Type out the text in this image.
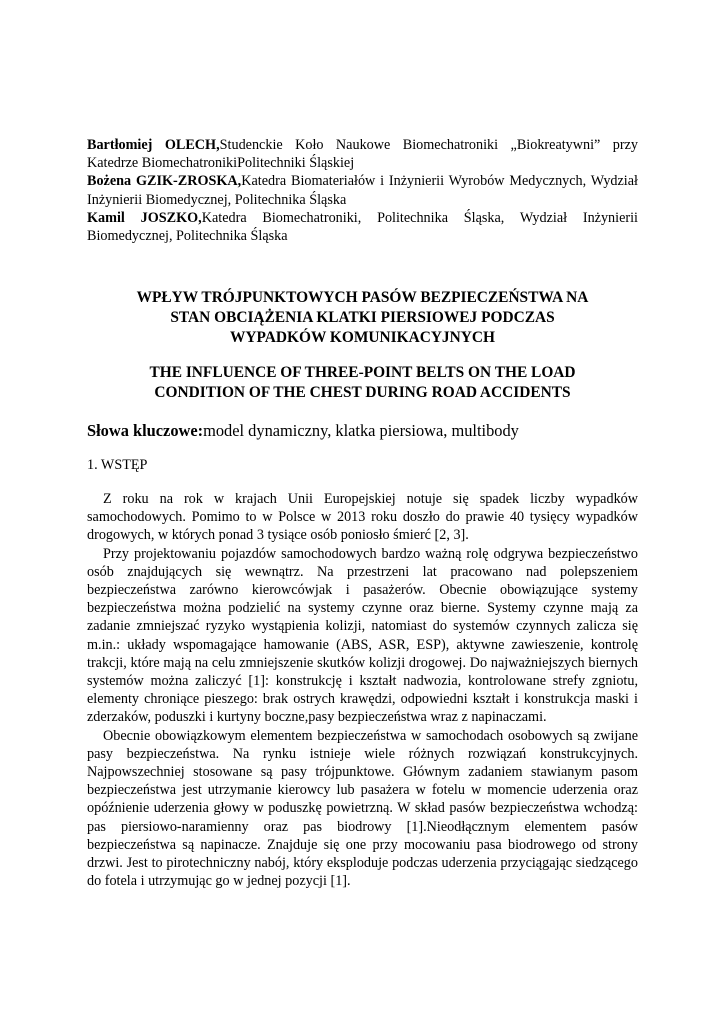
Bartłomiej OLECH,Studenckie Koło Naukowe Biomechatroniki „Biokreatywni” przy Katedrze BiomechatronikiPolitechniki Śląskiej

Bożena GZIK-ZROSKA,Katedra Biomateriałów i Inżynierii Wyrobów Medycznych, Wydział Inżynierii Biomedycznej, Politechnika Śląska

Kamil JOSZKO,Katedra Biomechatroniki, Politechnika Śląska, Wydział Inżynierii Biomedycznej, Politechnika Śląska

WPŁYW TRÓJPUNKTOWYCH PASÓW BEZPIECZEŃSTWA NA
STAN OBCIĄŻENIA KLATKI PIERSIOWEJ PODCZAS
WYPADKÓW KOMUNIKACYJNYCH
THE INFLUENCE OF THREE-POINT BELTS ON THE LOAD
CONDITION OF THE CHEST DURING ROAD ACCIDENTS

Słowa kluczowe:model dynamiczny, klatka piersiowa, multibody

1. WSTĘP

Z roku na rok w krajach Unii Europejskiej notuje się spadek liczby wypadków samochodowych. Pomimo to w Polsce w 2013 roku doszło do prawie 40 tysięcy wypadków drogowych, w których ponad 3 tysiące osób poniosło śmierć [2, 3].

Przy projektowaniu pojazdów samochodowych bardzo ważną rolę odgrywa bezpieczeństwo osób znajdujących się wewnątrz. Na przestrzeni lat pracowano nad polepszeniem bezpieczeństwa zarówno kierowcówjak i pasażerów. Obecnie obowiązujące systemy bezpieczeństwa można podzielić na systemy czynne oraz bierne. Systemy czynne mają za zadanie zmniejszać ryzyko wystąpienia kolizji, natomiast do systemów czynnych zalicza się m.in.: układy wspomagające hamowanie (ABS, ASR, ESP), aktywne zawieszenie, kontrolę trakcji, które mają na celu zmniejszenie skutków kolizji drogowej. Do najważniejszych biernych systemów można zaliczyć [1]: konstrukcję i kształt nadwozia, kontrolowane strefy zgniotu, elementy chroniące pieszego: brak ostrych krawędzi, odpowiedni kształt i konstrukcja maski i zderzaków, poduszki i kurtyny boczne,pasy bezpieczeństwa wraz z napinaczami.

Obecnie obowiązkowym elementem bezpieczeństwa w samochodach osobowych są zwijane pasy bezpieczeństwa. Na rynku istnieje wiele różnych rozwiązań konstrukcyjnych. Najpowszechniej stosowane są pasy trójpunktowe. Głównym zadaniem stawianym pasom bezpieczeństwa jest utrzymanie kierowcy lub pasażera w fotelu w momencie uderzenia oraz opóźnienie uderzenia głowy w poduszkę powietrzną. W skład pasów bezpieczeństwa wchodzą: pas piersiowo-naramienny oraz pas biodrowy [1].Nieodłącznym elementem pasów bezpieczeństwa są napinacze. Znajduje się one przy mocowaniu pasa biodrowego od strony drzwi. Jest to pirotechniczny nabój, który eksploduje podczas uderzenia przyciągając siedzącego do fotela i utrzymując go w jednej pozycji [1].
